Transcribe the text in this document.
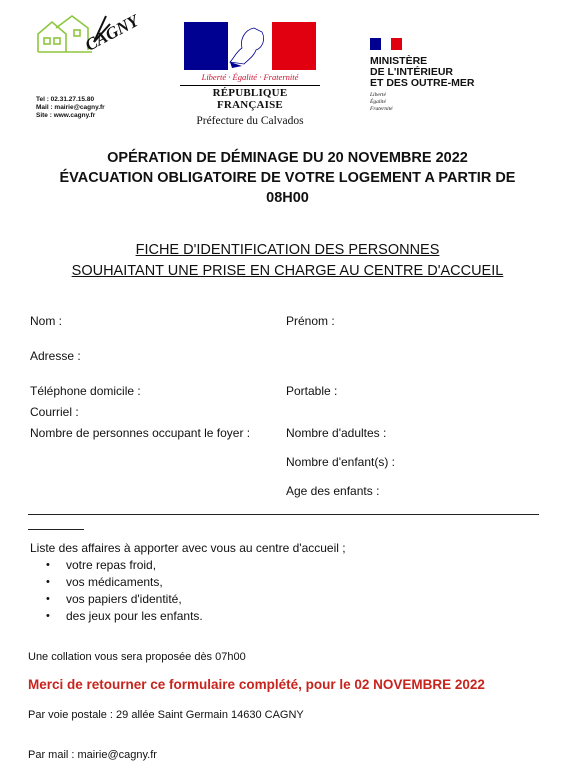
CAGNY
Tel : 02.31.27.15.80
Mail : mairie@cagny.fr
Site : www.cagny.fr
Liberté · Égalité · Fraternité
RÉPUBLIQUE FRANÇAISE
Préfecture du Calvados
MINISTÈRE
DE L'INTÉRIEUR
ET DES OUTRE-MER
Liberté
Égalité
Fraternité
OPÉRATION DE DÉMINAGE DU 20 NOVEMBRE 2022
ÉVACUATION OBLIGATOIRE DE VOTRE LOGEMENT A PARTIR DE
08H00
FICHE D'IDENTIFICATION DES PERSONNES
SOUHAITANT UNE PRISE EN CHARGE AU CENTRE D'ACCUEIL
Nom :	Prénom :
Adresse :
Téléphone domicile :	Portable :
Courriel :
Nombre de personnes occupant le foyer :	Nombre d'adultes :
Nombre d'enfant(s) :
Age des enfants :
Liste des affaires à apporter avec vous au centre d'accueil ;
• votre repas froid,
• vos médicaments,
• vos papiers d'identité,
• des jeux pour les enfants.
Une collation vous sera proposée dès 07h00
Merci de retourner ce formulaire complété, pour le 02 NOVEMBRE 2022
Par voie postale : 29 allée Saint Germain 14630 CAGNY
Par mail : mairie@cagny.fr
